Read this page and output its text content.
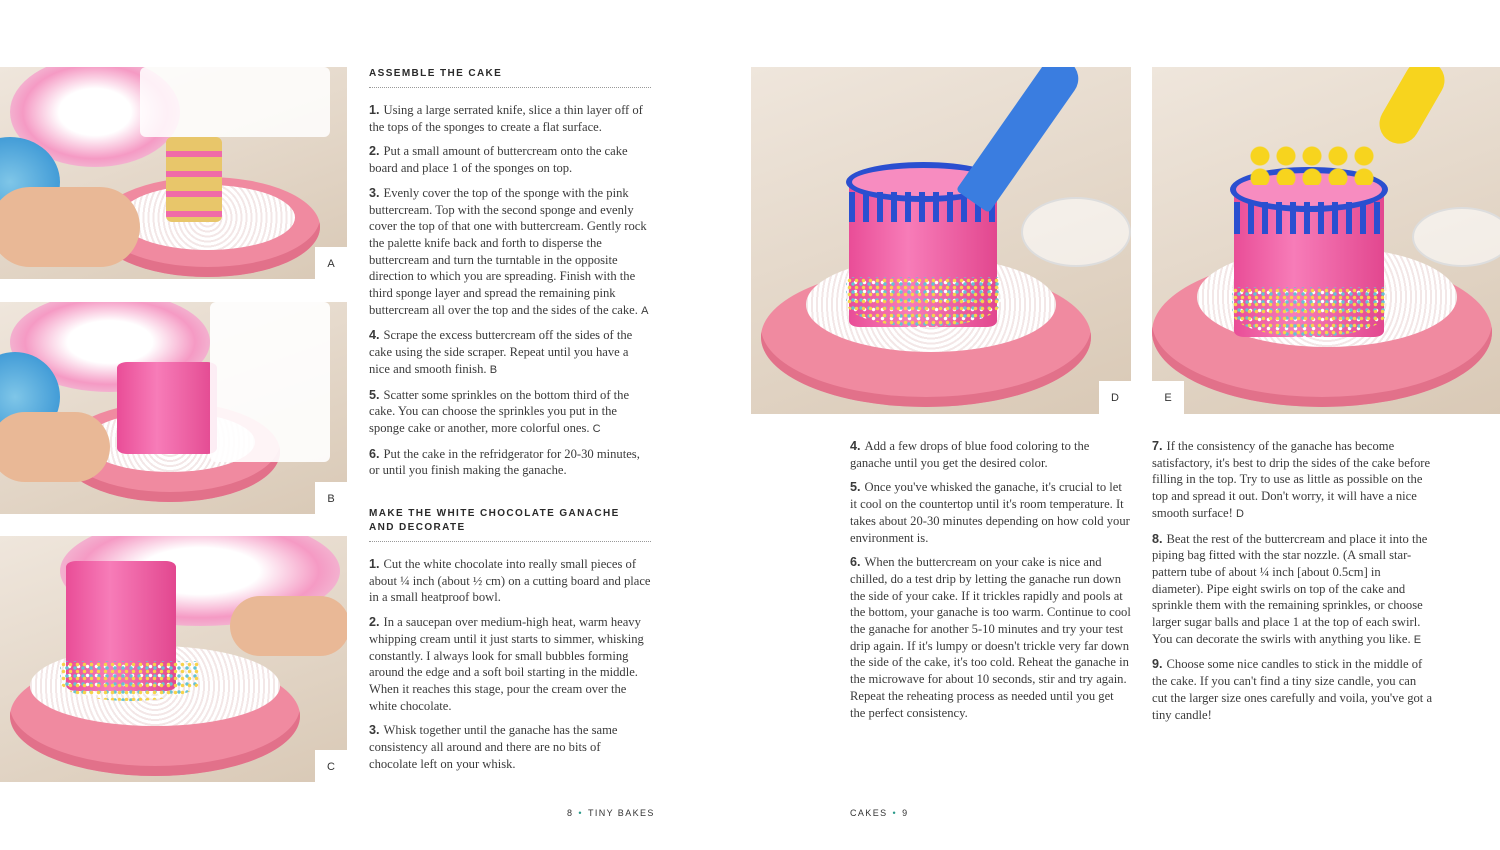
A
B
C
ASSEMBLE THE CAKE

1. Using a large serrated knife, slice a thin layer off of the tops of the sponges to create a flat surface.

2. Put a small amount of buttercream onto the cake board and place 1 of the sponges on top.

3. Evenly cover the top of the sponge with the pink buttercream. Top with the second sponge and evenly cover the top of that one with buttercream. Gently rock the palette knife back and forth to disperse the buttercream and turn the turntable in the opposite direction to which you are spreading. Finish with the third sponge layer and spread the remaining pink buttercream all over the top and the sides of the cake. A

4. Scrape the excess buttercream off the sides of the cake using the side scraper. Repeat until you have a nice and smooth finish. B

5. Scatter some sprinkles on the bottom third of the cake. You can choose the sprinkles you put in the sponge cake or another, more colorful ones. C

6. Put the cake in the refridgerator for 20-30 minutes, or until you finish making the ganache.

MAKE THE WHITE CHOCOLATE GANACHE
AND DECORATE

1. Cut the white chocolate into really small pieces of about ¼ inch (about ½ cm) on a cutting board and place in a small heatproof bowl.

2. In a saucepan over medium-high heat, warm heavy whipping cream until it just starts to simmer, whisking constantly. I always look for small bubbles forming around the edge and a soft boil starting in the middle. When it reaches this stage, pour the cream over the white chocolate.

3. Whisk together until the ganache has the same consistency all around and there are no bits of chocolate left on your whisk.

8 • TINY BAKES
D	E

4. Add a few drops of blue food coloring to the ganache until you get the desired color.

5. Once you've whisked the ganache, it's crucial to let it cool on the countertop until it's room temperature. It takes about 20-30 minutes depending on how cold your environment is.

6. When the buttercream on your cake is nice and chilled, do a test drip by letting the ganache run down the side of your cake. If it trickles rapidly and pools at the bottom, your ganache is too warm. Continue to cool the ganache for another 5-10 minutes and try your test drip again. If it's lumpy or doesn't trickle very far down the side of the cake, it's too cold. Reheat the ganache in the microwave for about 10 seconds, stir and try again. Repeat the reheating process as needed until you get the perfect consistency.

7. If the consistency of the ganache has become satisfactory, it's best to drip the sides of the cake before filling in the top. Try to use as little as possible on the top and spread it out. Don't worry, it will have a nice smooth surface! D

8. Beat the rest of the buttercream and place it into the piping bag fitted with the star nozzle. (A small star-pattern tube of about ¼ inch [about 0.5cm] in diameter). Pipe eight swirls on top of the cake and sprinkle them with the remaining sprinkles, or choose larger sugar balls and place 1 at the top of each swirl. You can decorate the swirls with anything you like. E

9. Choose some nice candles to stick in the middle of the cake. If you can't find a tiny size candle, you can cut the larger size ones carefully and voila, you've got a tiny candle!

CAKES • 9
